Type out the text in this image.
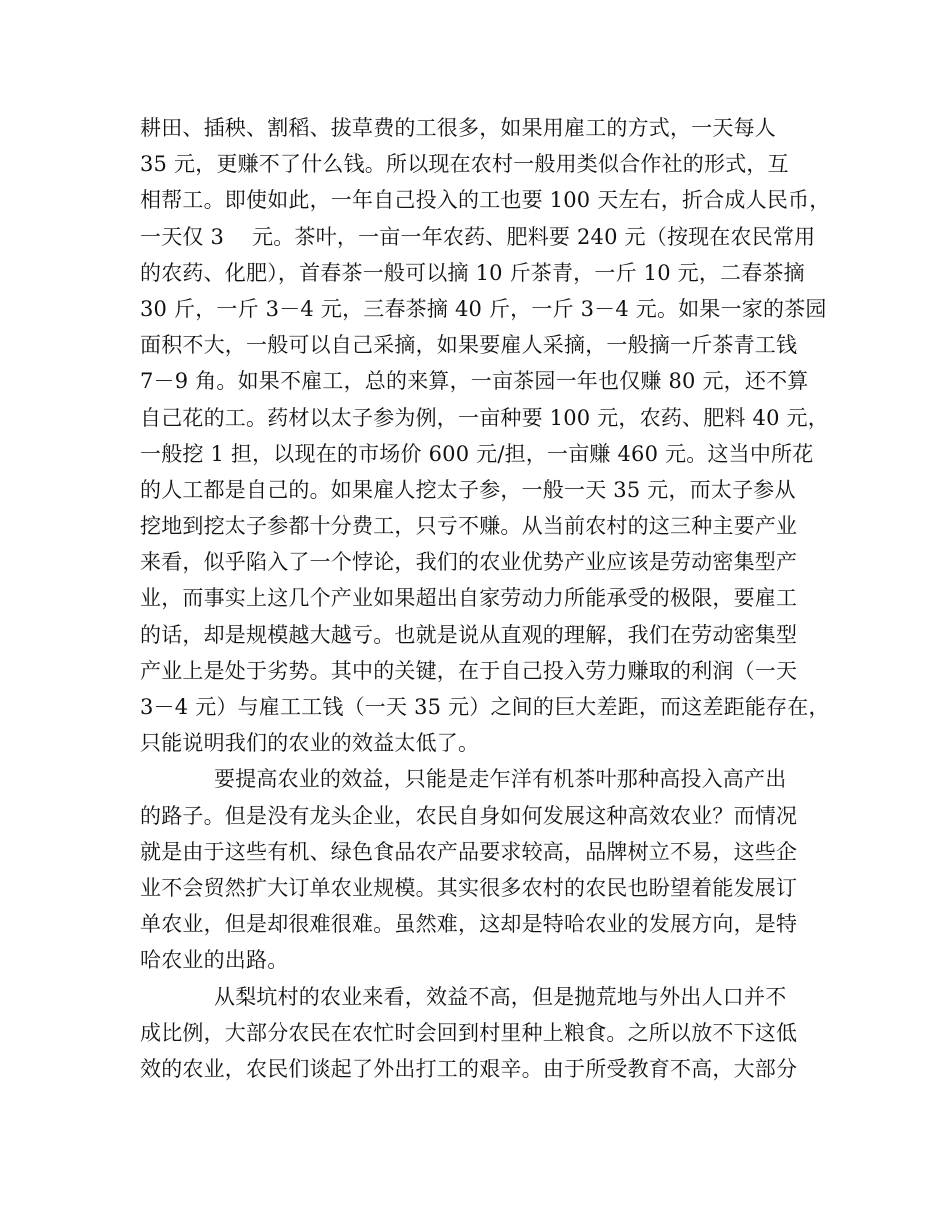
耕田、插秧、割稻、拔草费的工很多，如果用雇工的方式，一天每人
35 元，更赚不了什么钱。所以现在农村一般用类似合作社的形式，互
相帮工。即使如此，一年自己投入的工也要 100 天左右，折合成人民币，
一天仅 3　 元。茶叶，一亩一年农药、肥料要 240 元（按现在农民常用
的农药、化肥），首春茶一般可以摘 10 斤茶青，一斤 10 元，二春茶摘
30 斤，一斤 3－4 元，三春茶摘 40 斤，一斤 3－4 元。如果一家的茶园
面积不大，一般可以自己采摘，如果要雇人采摘，一般摘一斤茶青工钱
7－9 角。如果不雇工，总的来算，一亩茶园一年也仅赚 80 元，还不算
自己花的工。药材以太子参为例，一亩种要 100 元，农药、肥料 40 元，
一般挖 1 担，以现在的市场价 600 元/担，一亩赚 460 元。这当中所花
的人工都是自己的。如果雇人挖太子参，一般一天 35 元，而太子参从
挖地到挖太子参都十分费工，只亏不赚。从当前农村的这三种主要产业
来看，似乎陷入了一个悖论，我们的农业优势产业应该是劳动密集型产
业，而事实上这几个产业如果超出自家劳动力所能承受的极限，要雇工
的话，却是规模越大越亏。也就是说从直观的理解，我们在劳动密集型
产业上是处于劣势。其中的关键，在于自己投入劳力赚取的利润（一天
3－4 元）与雇工工钱（一天 35 元）之间的巨大差距，而这差距能存在，
只能说明我们的农业的效益太低了。
要提高农业的效益，只能是走乍洋有机茶叶那种高投入高产出
的路子。但是没有龙头企业，农民自身如何发展这种高效农业？而情况
就是由于这些有机、绿色食品农产品要求较高，品牌树立不易，这些企
业不会贸然扩大订单农业规模。其实很多农村的农民也盼望着能发展订
单农业，但是却很难很难。虽然难，这却是特哈农业的发展方向，是特
哈农业的出路。
从梨坑村的农业来看，效益不高，但是抛荒地与外出人口并不
成比例，大部分农民在农忙时会回到村里种上粮食。之所以放不下这低
效的农业，农民们谈起了外出打工的艰辛。由于所受教育不高，大部分
